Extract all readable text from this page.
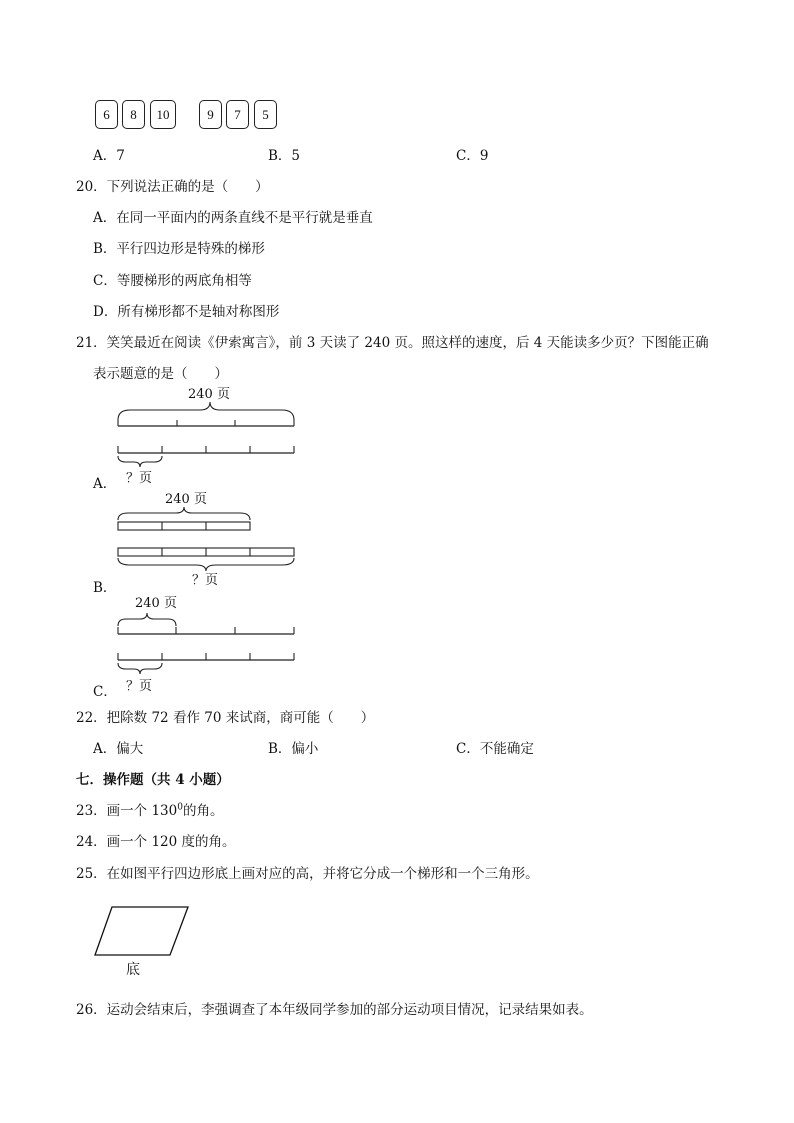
6	8	10	9	7	5
A．7	B．5	C．9
20．下列说法正确的是（　　）
A．在同一平面内的两条直线不是平行就是垂直
B．平行四边形是特殊的梯形
C．等腰梯形的两底角相等
D．所有梯形都不是轴对称图形
21．笑笑最近在阅读《伊索寓言》，前 3 天读了 240 页。照这样的速度，后 4 天能读多少页？下图能正确
表示题意的是（　　）
240 页
？页
A．
240 页
？页
B．
240 页
？页
C．
22．把除数 72 看作 70 来试商，商可能（　　）
A．偏大	B．偏小	C．不能确定
七．操作题（共 4 小题）
23．画一个 $130^0$的角。
24．画一个 120 度的角。
25．在如图平行四边形底上画对应的高，并将它分成一个梯形和一个三角形。
底
26．运动会结束后，李强调查了本年级同学参加的部分运动项目情况，记录结果如表。
